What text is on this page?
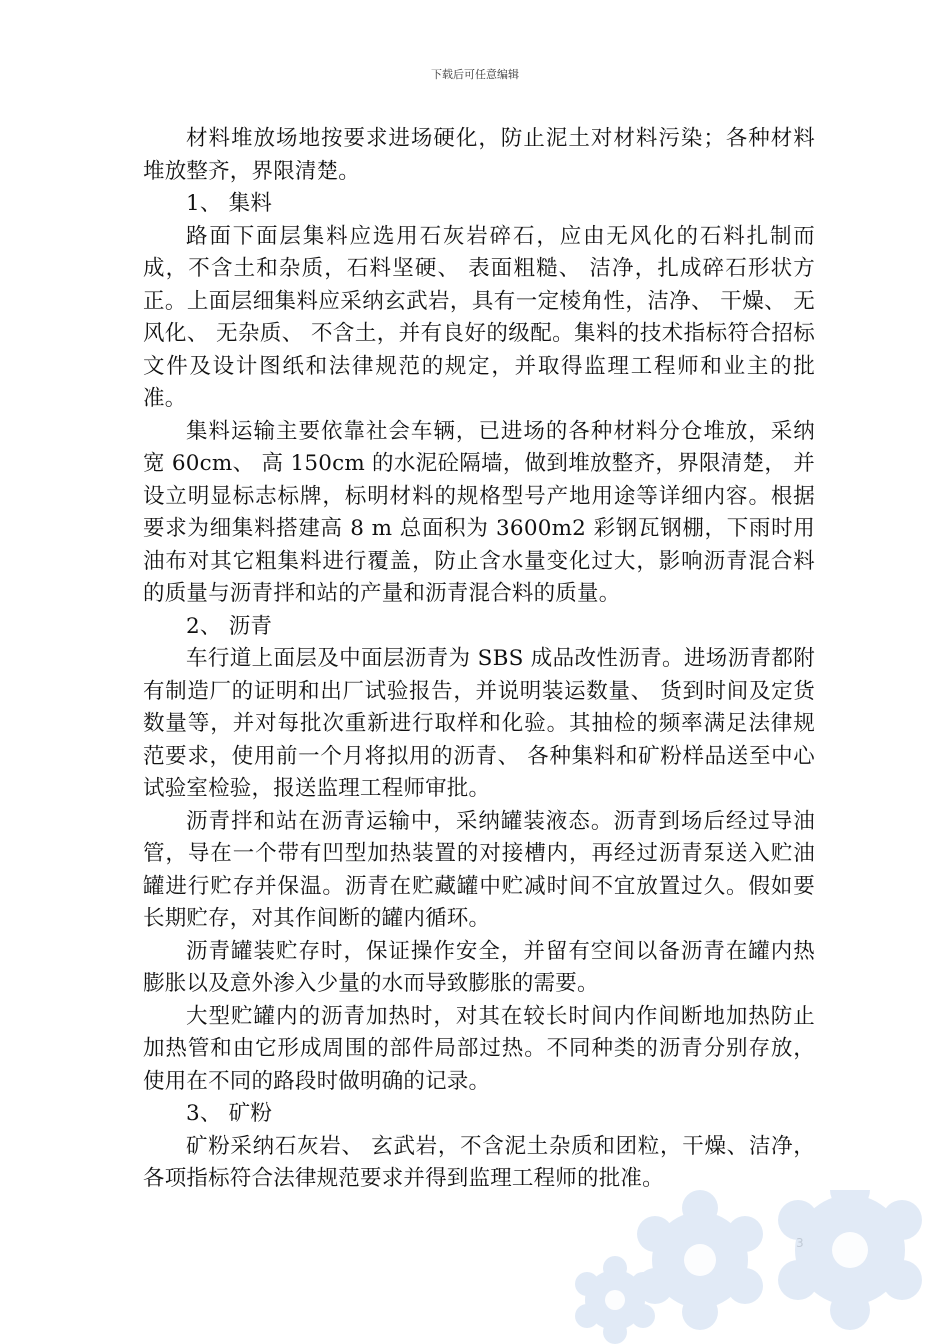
下载后可任意编辑

材料堆放场地按要求进场硬化，防止泥土对材料污染；各种材料堆放整齐，界限清楚。

1、 集料

路面下面层集料应选用石灰岩碎石，应由无风化的石料扎制而成，不含土和杂质，石料坚硬、 表面粗糙、 洁净，扎成碎石形状方正。上面层细集料应采纳玄武岩，具有一定棱角性，洁净、 干燥、 无风化、 无杂质、 不含土，并有良好的级配。集料的技术指标符合招标文件及设计图纸和法律规范的规定，并取得监理工程师和业主的批准。

集料运输主要依靠社会车辆，已进场的各种材料分仓堆放，采纳宽 60cm、 高 150cm 的水泥砼隔墙，做到堆放整齐，界限清楚， 并设立明显标志标牌，标明材料的规格型号产地用途等详细内容。根据要求为细集料搭建高 8 m 总面积为 3600m2 彩钢瓦钢棚，下雨时用油布对其它粗集料进行覆盖，防止含水量变化过大，影响沥青混合料的质量与沥青拌和站的产量和沥青混合料的质量。

2、 沥青

车行道上面层及中面层沥青为 SBS 成品改性沥青。进场沥青都附有制造厂的证明和出厂试验报告，并说明装运数量、 货到时间及定货数量等，并对每批次重新进行取样和化验。其抽检的频率满足法律规范要求，使用前一个月将拟用的沥青、 各种集料和矿粉样品送至中心试验室检验，报送监理工程师审批。

沥青拌和站在沥青运输中，采纳罐装液态。沥青到场后经过导油管，导在一个带有凹型加热装置的对接槽内，再经过沥青泵送入贮油罐进行贮存并保温。沥青在贮藏罐中贮减时间不宜放置过久。假如要长期贮存，对其作间断的罐内循环。

沥青罐装贮存时，保证操作安全，并留有空间以备沥青在罐内热膨胀以及意外渗入少量的水而导致膨胀的需要。

大型贮罐内的沥青加热时，对其在较长时间内作间断地加热防止加热管和由它形成周围的部件局部过热。不同种类的沥青分别存放，使用在不同的路段时做明确的记录。

3、 矿粉

矿粉采纳石灰岩、 玄武岩，不含泥土杂质和团粒，干燥、洁净，各项指标符合法律规范要求并得到监理工程师的批准。
